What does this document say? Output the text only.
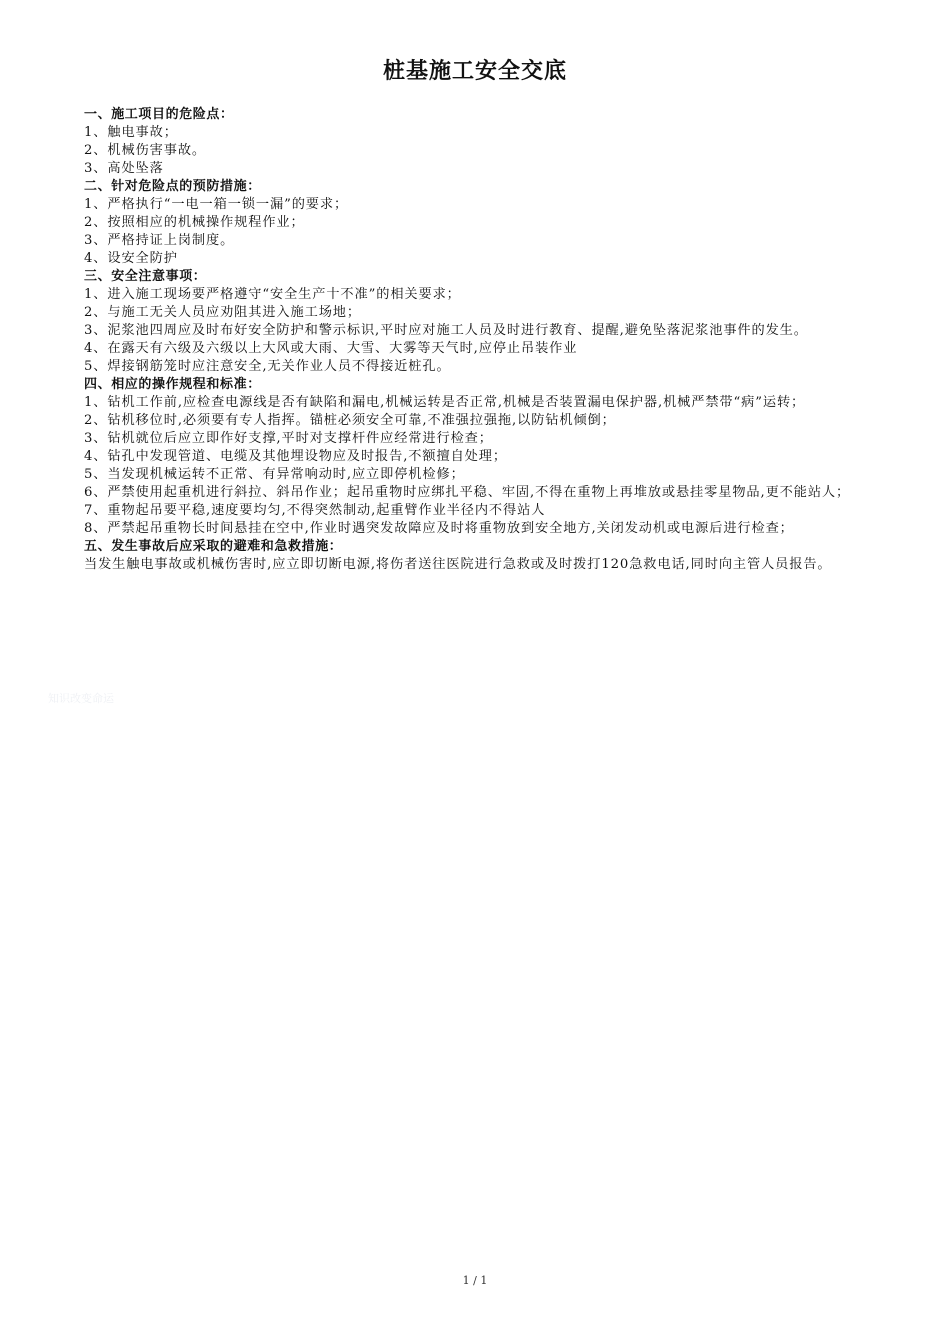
桩基施工安全交底

一、施工项目的危险点：

1、触电事故；

2、机械伤害事故。

3、高处坠落

二、针对危险点的预防措施：

1、严格执行“一电一箱一锁一漏”的要求；

2、按照相应的机械操作规程作业；

3、严格持证上岗制度。

4、设安全防护

三、安全注意事项：

1、进入施工现场要严格遵守“安全生产十不准”的相关要求；

2、与施工无关人员应劝阻其进入施工场地；

3、泥浆池四周应及时布好安全防护和警示标识,平时应对施工人员及时进行教育、提醒,避免坠落泥浆池事件的发生。

4、在露天有六级及六级以上大风或大雨、大雪、大雾等天气时,应停止吊装作业

5、焊接钢筋笼时应注意安全,无关作业人员不得接近桩孔。

四、相应的操作规程和标准：

1、钻机工作前,应检查电源线是否有缺陷和漏电,机械运转是否正常,机械是否装置漏电保护器,机械严禁带“病”运转；

2、钻机移位时,必须要有专人指挥。锚桩必须安全可靠,不准强拉强拖,以防钻机倾倒；

3、钻机就位后应立即作好支撑,平时对支撑杆件应经常进行检查；

4、钻孔中发现管道、电缆及其他埋设物应及时报告,不额擅自处理；

5、当发现机械运转不正常、有异常响动时,应立即停机检修；

6、严禁使用起重机进行斜拉、斜吊作业；起吊重物时应绑扎平稳、牢固,不得在重物上再堆放或悬挂零星物品,更不能站人；

7、重物起吊要平稳,速度要均匀,不得突然制动,起重臂作业半径内不得站人

8、严禁起吊重物长时间悬挂在空中,作业时遇突发故障应及时将重物放到安全地方,关闭发动机或电源后进行检查；

五、发生事故后应采取的避难和急救措施：

当发生触电事故或机械伤害时,应立即切断电源,将伤者送往医院进行急救或及时拨打120急救电话,同时向主管人员报告。

知识改变命运
1 / 1
